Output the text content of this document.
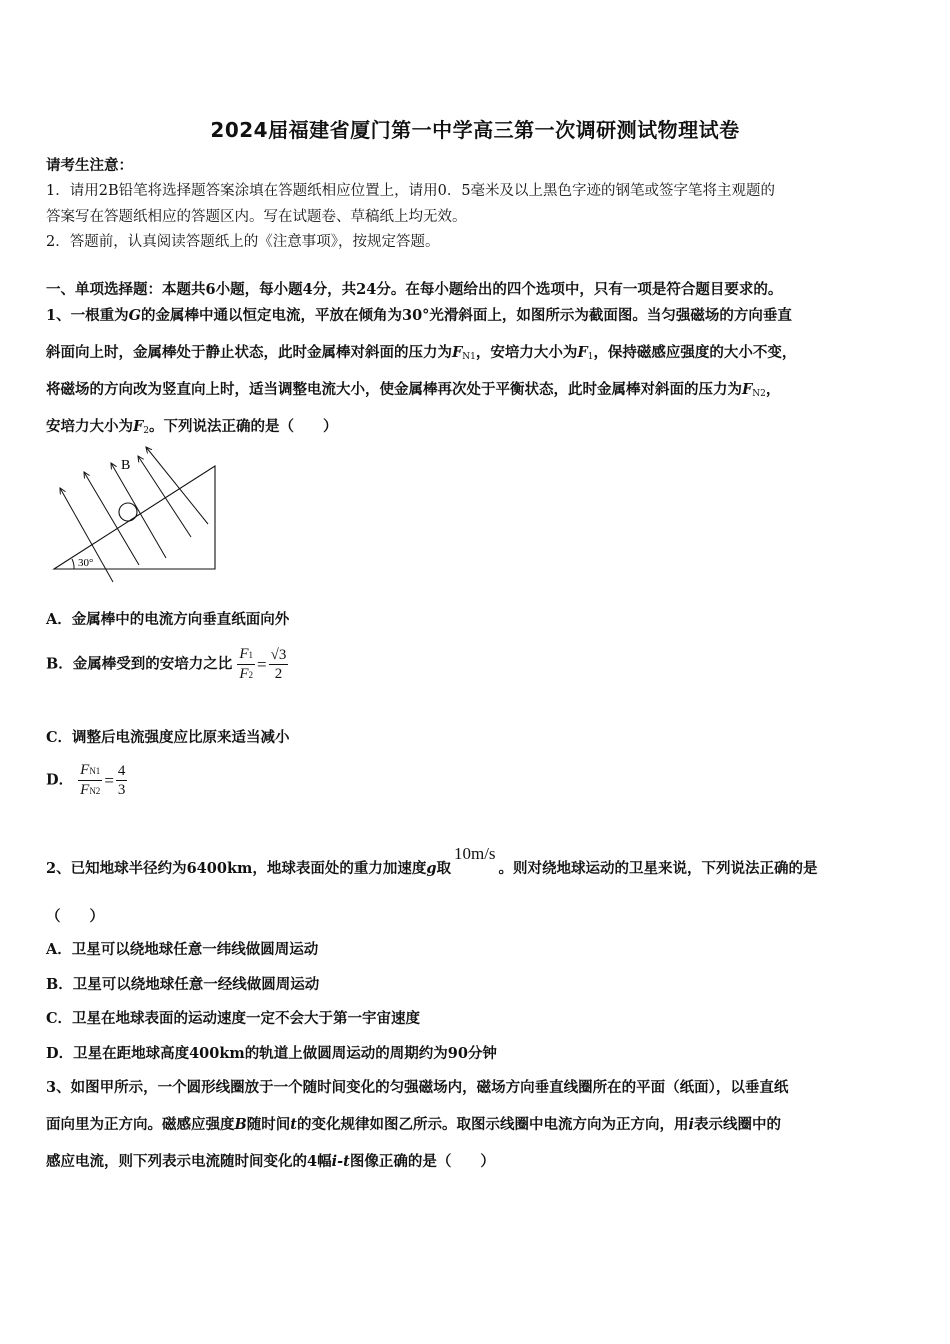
2024届福建省厦门第一中学高三第一次调研测试物理试卷
请考生注意：
1．请用2B铅笔将选择题答案涂填在答题纸相应位置上，请用0．5毫米及以上黑色字迹的钢笔或签字笔将主观题的
答案写在答题纸相应的答题区内。写在试题卷、草稿纸上均无效。
2．答题前，认真阅读答题纸上的《注意事项》，按规定答题。
一、单项选择题：本题共6小题，每小题4分，共24分。在每小题给出的四个选项中，只有一项是符合题目要求的。
1、一根重为G的金属棒中通以恒定电流，平放在倾角为30°光滑斜面上，如图所示为截面图。当匀强磁场的方向垂直
斜面向上时，金属棒处于静止状态，此时金属棒对斜面的压力为$F_{N1}$，安培力大小为$F_1$，保持磁感应强度的大小不变，
将磁场的方向改为竖直向上时，适当调整电流大小，使金属棒再次处于平衡状态，此时金属棒对斜面的压力为$F_{N2}$，
安培力大小为$F_2$。下列说法正确的是（　　）
B
30°
A．金属棒中的电流方向垂直纸面向外
B．金属棒受到的安培力之比 $\frac{F1}{F2} = \frac{√3}{2}$
C．调整后电流强度应比原来适当减小
D． $\frac{FN1}{FN2} = \frac{4}{3}$
2、已知地球半径约为6400km，地球表面处的重力加速度g取10m/s。则对绕地球运动的卫星来说，下列说法正确的是
（　　）
A．卫星可以绕地球任意一纬线做圆周运动
B．卫星可以绕地球任意一经线做圆周运动
C．卫星在地球表面的运动速度一定不会大于第一宇宙速度
D．卫星在距地球高度400km的轨道上做圆周运动的周期约为90分钟
3、如图甲所示，一个圆形线圈放于一个随时间变化的匀强磁场内，磁场方向垂直线圈所在的平面（纸面），以垂直纸
面向里为正方向。磁感应强度B随时间t的变化规律如图乙所示。取图示线圈中电流方向为正方向，用i表示线圈中的
感应电流，则下列表示电流随时间变化的4幅i-t图像正确的是（　　）
